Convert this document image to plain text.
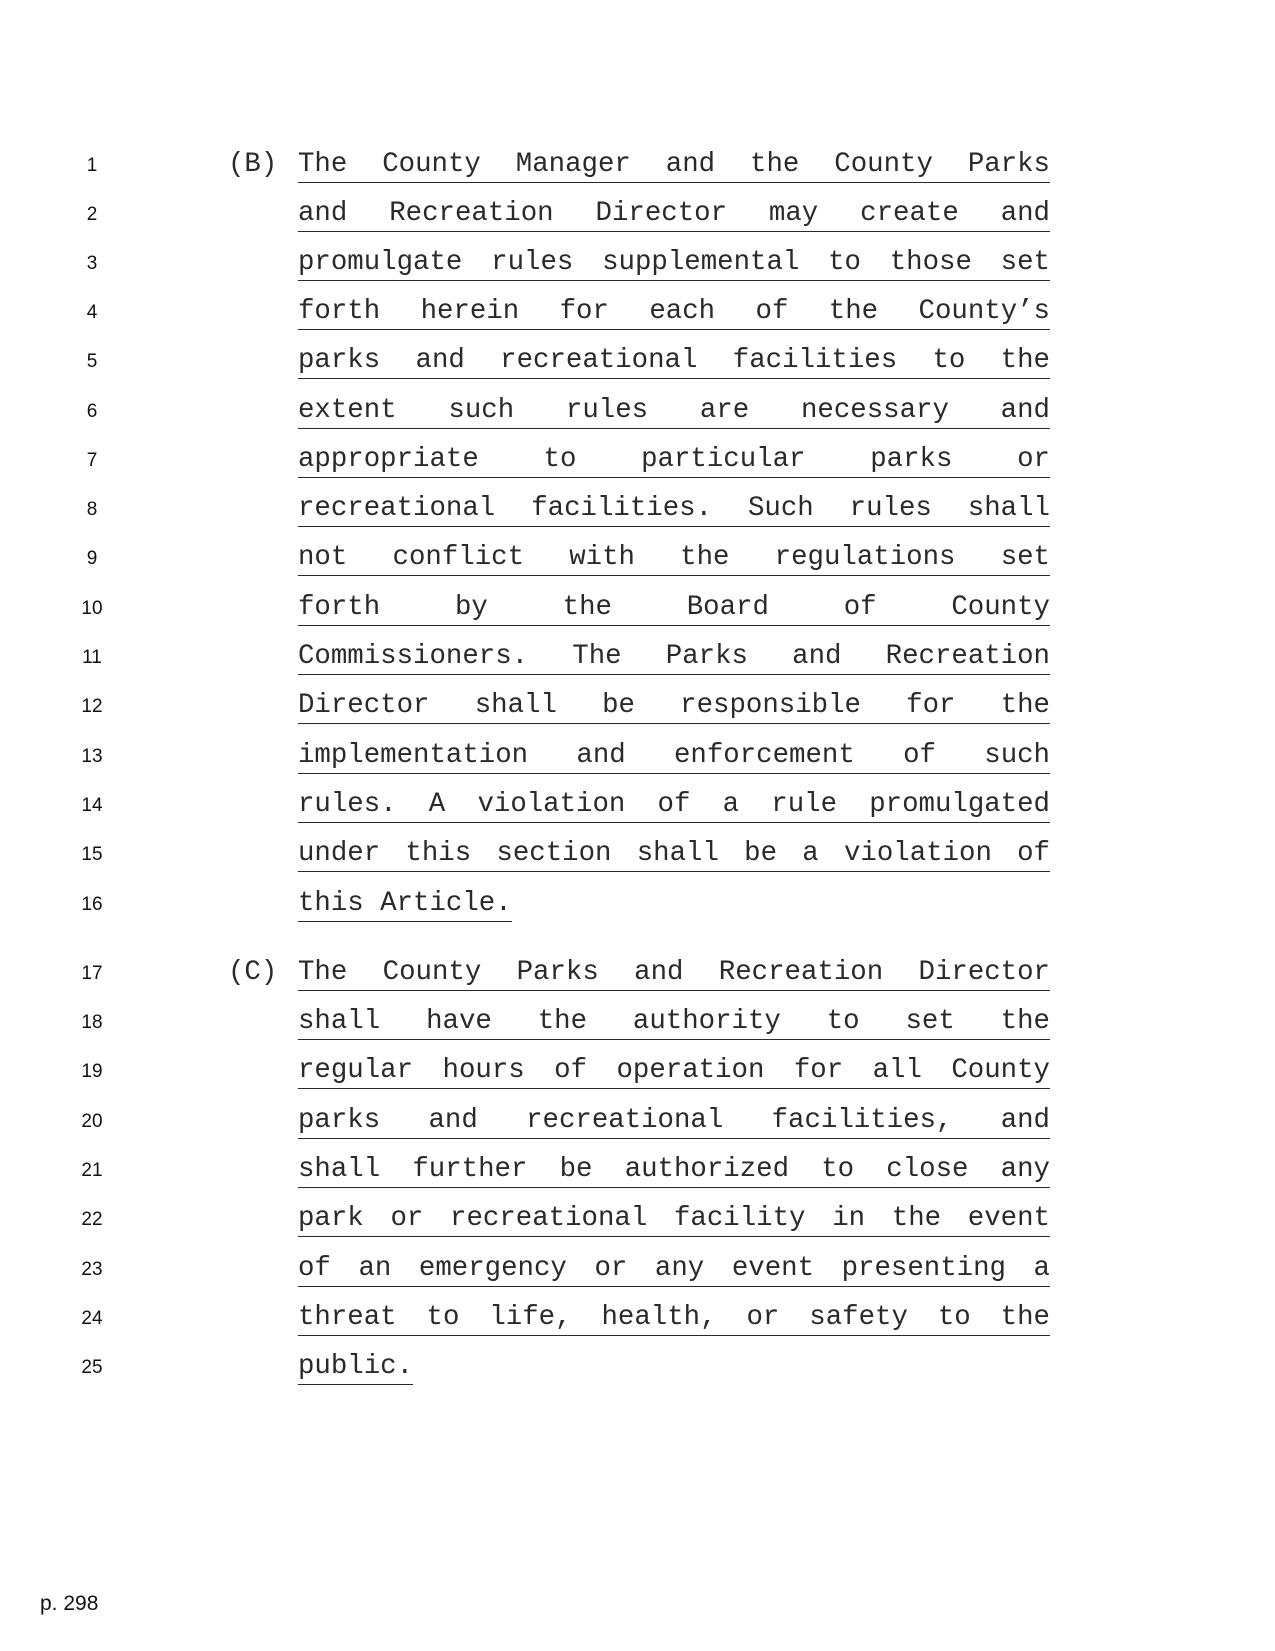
1
2
3
4
5
6
7
8
9
10
11
12
13
14
15
16
17
18
19
20
21
22
23
24
25
(B) The County Manager and the County Parks
and Recreation Director may create and
promulgate rules supplemental to those set
forth herein for each of the County’s
parks and recreational facilities to the
extent such rules are necessary and
appropriate to particular parks or
recreational facilities. Such rules shall
not conflict with the regulations set
forth by the Board of County
Commissioners. The Parks and Recreation
Director shall be responsible for the
implementation and enforcement of such
rules. A violation of a rule promulgated
under this section shall be a violation of
this Article.
(C) The County Parks and Recreation Director
shall have the authority to set the
regular hours of operation for all County
parks and recreational facilities, and
shall further be authorized to close any
park or recreational facility in the event
of an emergency or any event presenting a
threat to life, health, or safety to the
public.
p. 298
